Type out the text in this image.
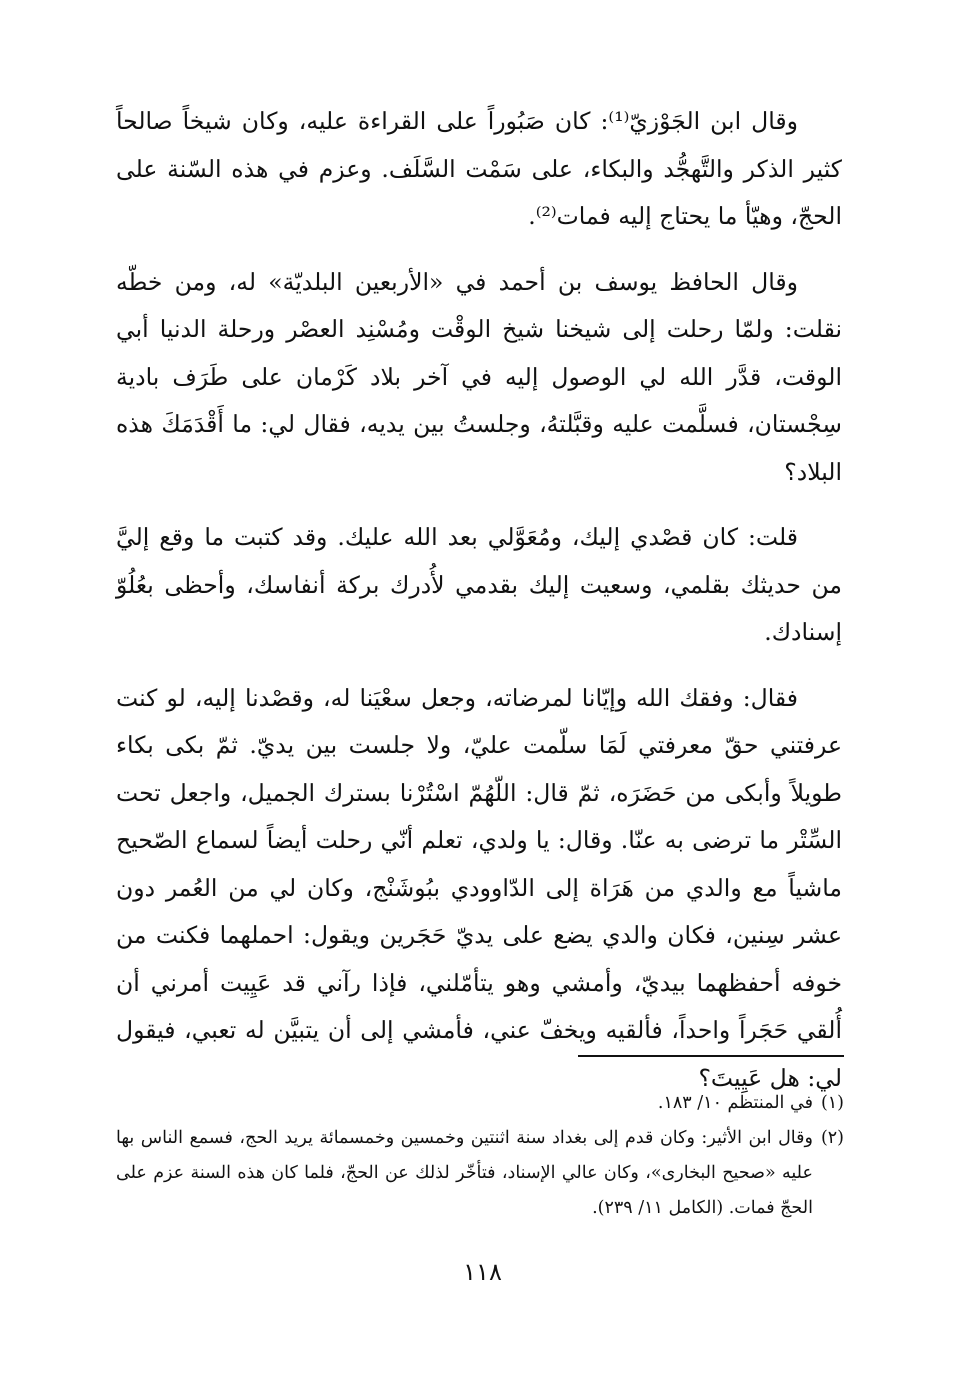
وقال ابن الجَوْزيّ⁽¹⁾: كان صَبُوراً على القراءة عليه، وكان شيخاً صالحاً كثير الذكر والتَّهجُّد والبكاء، على سَمْت السَّلَف. وعزم في هذه السّنة على الحجّ، وهيّأ ما يحتاج إليه فمات⁽²⁾.

وقال الحافظ يوسف بن أحمد في «الأربعين البلديّة» له، ومن خطّه نقلت: ولمّا رحلت إلى شيخنا شيخ الوقْت ومُسْنِد العصْر ورحلة الدنيا أبي الوقت، قدَّر الله لي الوصول إليه في آخر بلاد كَرْمان على طَرَف بادية سِجْستان، فسلَّمت عليه وقبَّلتهُ، وجلستُ بين يديه، فقال لي: ما أَقْدَمَكَ هذه البلاد؟

قلت: كان قصْدي إليك، ومُعَوَّلي بعد الله عليك. وقد كتبت ما وقع إليَّ من حديثك بقلمي، وسعيت إليك بقدمي لأُدرك بركة أنفاسك، وأحظى بعُلُوّ إسنادك.

فقال: وفقك الله وإيّانا لمرضاته، وجعل سعْيَنا له، وقصْدنا إليه، لو كنت عرفتني حقّ معرفتي لَمَا سلّمت عليّ، ولا جلست بين يديّ. ثمّ بكى بكاء طويلاً وأبكى من حَضَرَه، ثمّ قال: اللّهُمّ اسْتُرْنا بسترك الجميل، واجعل تحت السِّتْر ما ترضى به عنّا. وقال: يا ولدي، تعلم أنّي رحلت أيضاً لسماع الصّحيح ماشياً مع والدي من هَرَاة إلى الدّاوودي ببُوشَنْج، وكان لي من العُمر دون عشر سِنين، فكان والدي يضع على يديّ حَجَرين ويقول: احملهما فكنت من خوفه أحفظهما بيديّ، وأمشي وهو يتأمّلني، فإذا رآني قد عَيِيت أمرني أن أُلقي حَجَراً واحداً، فألقيه ويخفّ عني، فأمشي إلى أن يتبيَّن له تعبي، فيقول لي: هل عَيِيتَ؟

(١)
في المنتظم ١٠/ ١٨٣.
(٢)
وقال ابن الأثير: وكان قدم إلى بغداد سنة اثنتين وخمسين وخمسمائة يريد الحج، فسمع الناس بها عليه «صحيح البخارى»، وكان عالي الإسناد، فتأخّر لذلك عن الحجّ، فلما كان هذه السنة عزم على الحجّ فمات. (الكامل ١١/ ٢٣٩).
١١٨
